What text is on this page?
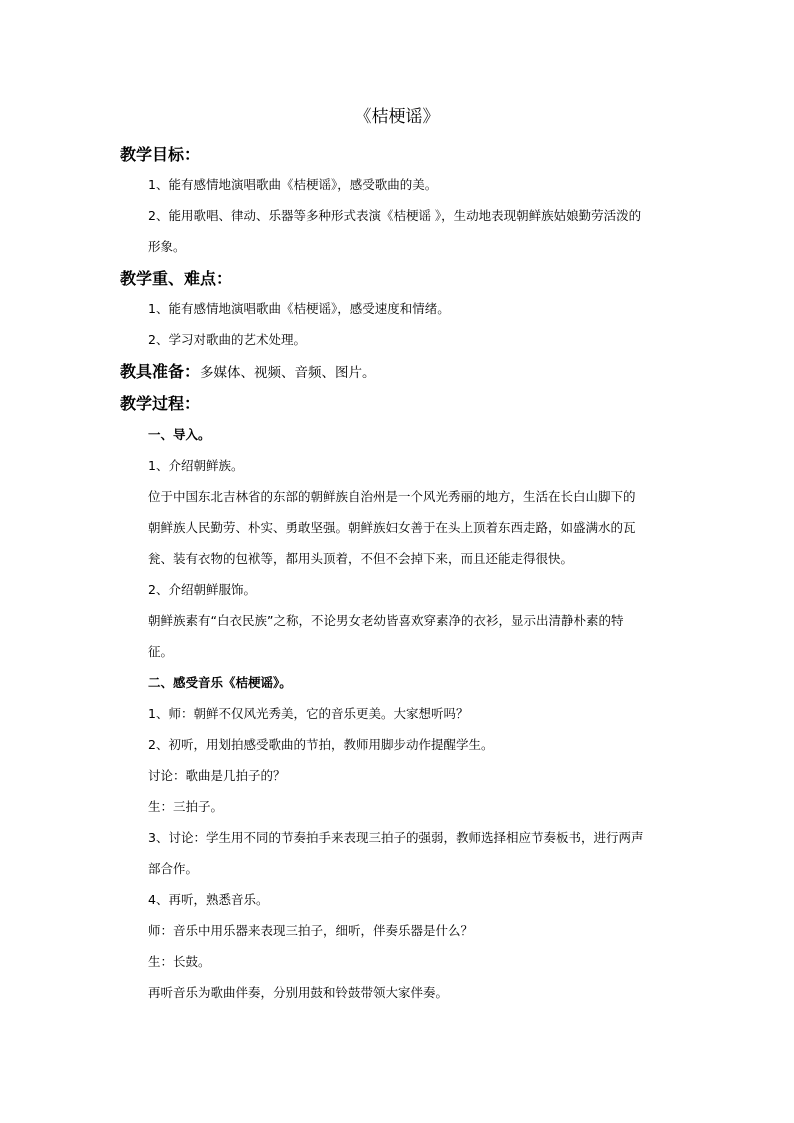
《桔梗谣》
教学目标：
1、能有感情地演唱歌曲《桔梗谣》，感受歌曲的美。
2、能用歌唱、律动、乐器等多种形式表演《桔梗谣 》，生动地表现朝鲜族姑娘勤劳活泼的
形象。
教学重、难点：
1、能有感情地演唱歌曲《桔梗谣》，感受速度和情绪。
2、学习对歌曲的艺术处理。
教具准备：多媒体、视频、音频、图片。
教学过程：
一、导入。
1、介绍朝鲜族。
位于中国东北吉林省的东部的朝鲜族自治州是一个风光秀丽的地方，生活在长白山脚下的
朝鲜族人民勤劳、朴实、勇敢坚强。朝鲜族妇女善于在头上顶着东西走路，如盛满水的瓦
瓮、装有衣物的包袱等，都用头顶着，不但不会掉下来，而且还能走得很快。
2、介绍朝鲜服饰。
朝鲜族素有“白衣民族”之称，不论男女老幼皆喜欢穿素净的衣衫，显示出清静朴素的特
征。
二、感受音乐《桔梗谣》。
1、师：朝鲜不仅风光秀美，它的音乐更美。大家想听吗？
2、初听，用划拍感受歌曲的节拍，教师用脚步动作提醒学生。
讨论：歌曲是几拍子的？
生：三拍子。
3、讨论：学生用不同的节奏拍手来表现三拍子的强弱，教师选择相应节奏板书，进行两声
部合作。
4、再听，熟悉音乐。
师：音乐中用乐器来表现三拍子，细听，伴奏乐器是什么？
生：长鼓。
再听音乐为歌曲伴奏，分别用鼓和铃鼓带领大家伴奏。
